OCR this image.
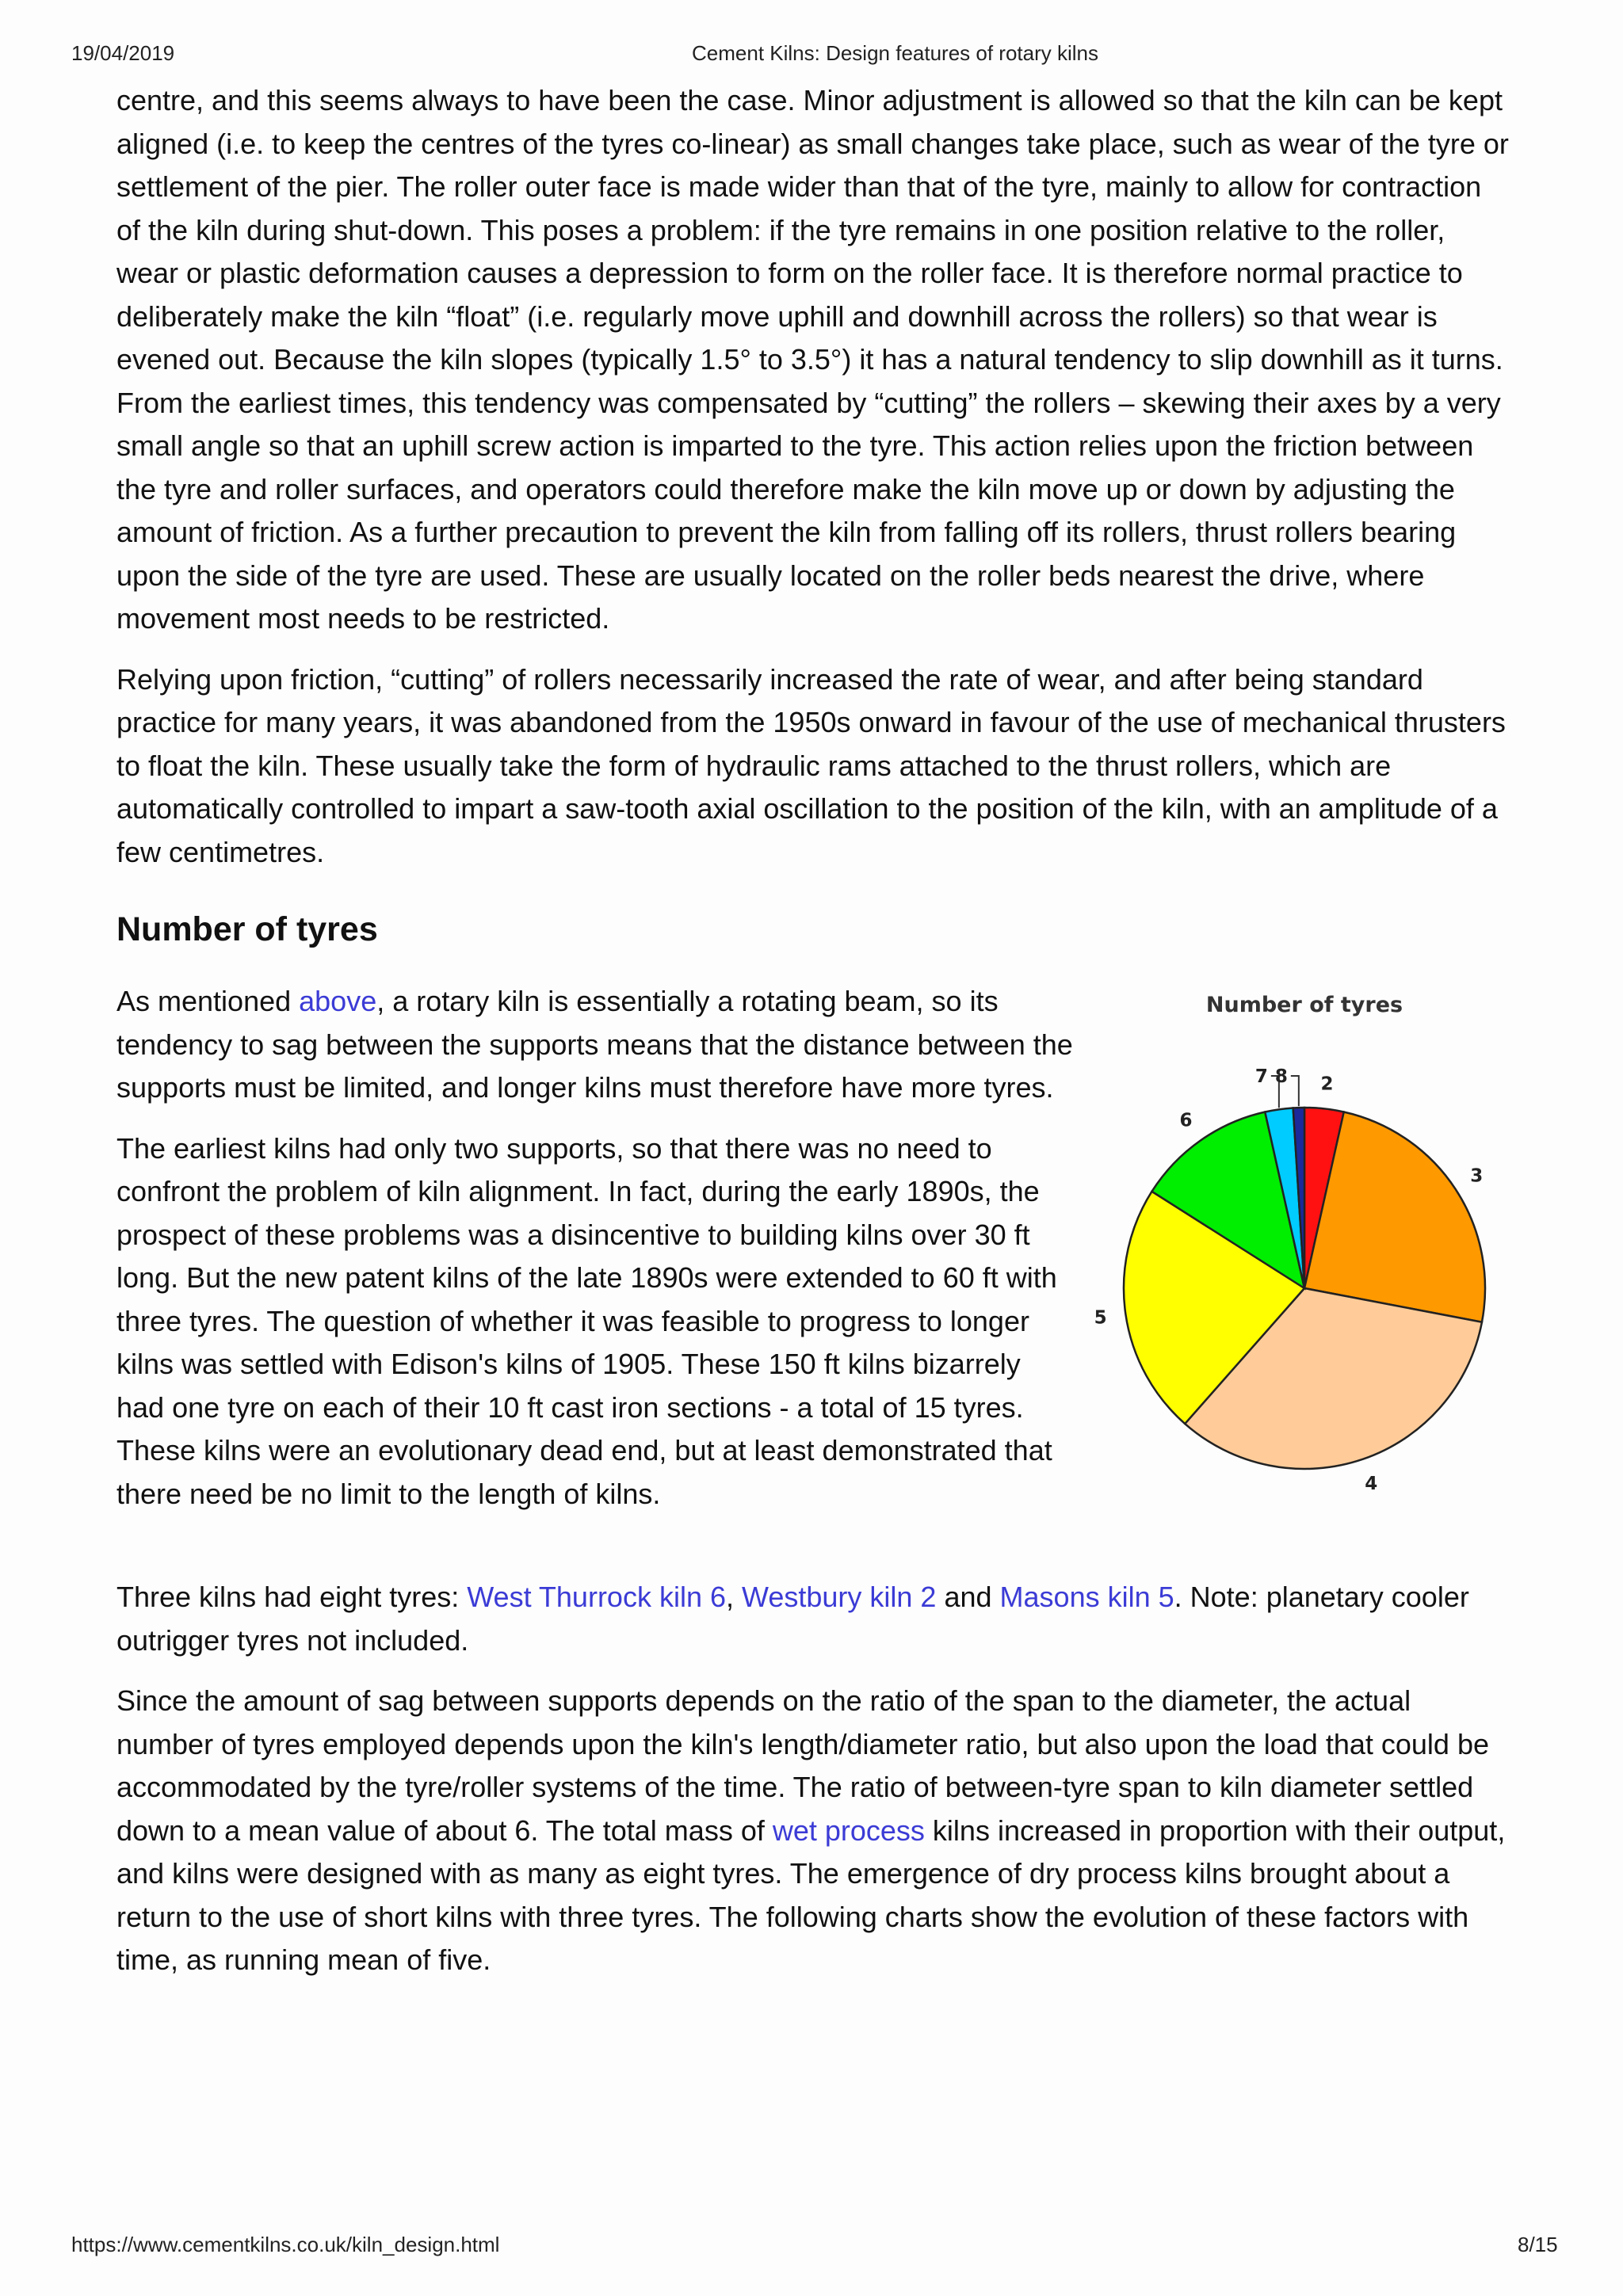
19/04/2019	Cement Kilns: Design features of rotary kilns

centre, and this seems always to have been the case. Minor adjustment is allowed so that the kiln can be kept aligned (i.e. to keep the centres of the tyres co-linear) as small changes take place, such as wear of the tyre or settlement of the pier. The roller outer face is made wider than that of the tyre, mainly to allow for contraction of the kiln during shut-down. This poses a problem: if the tyre remains in one position relative to the roller, wear or plastic deformation causes a depression to form on the roller face. It is therefore normal practice to deliberately make the kiln “float” (i.e. regularly move uphill and downhill across the rollers) so that wear is evened out. Because the kiln slopes (typically 1.5° to 3.5°) it has a natural tendency to slip downhill as it turns. From the earliest times, this tendency was compensated by “cutting” the rollers – skewing their axes by a very small angle so that an uphill screw action is imparted to the tyre. This action relies upon the friction between the tyre and roller surfaces, and operators could therefore make the kiln move up or down by adjusting the amount of friction. As a further precaution to prevent the kiln from falling off its rollers, thrust rollers bearing upon the side of the tyre are used. These are usually located on the roller beds nearest the drive, where movement most needs to be restricted.

Relying upon friction, “cutting” of rollers necessarily increased the rate of wear, and after being standard practice for many years, it was abandoned from the 1950s onward in favour of the use of mechanical thrusters to float the kiln. These usually take the form of hydraulic rams attached to the thrust rollers, which are automatically controlled to impart a saw-tooth axial oscillation to the position of the kiln, with an amplitude of a few centimetres.

Number of tyres

As mentioned above, a rotary kiln is essentially a rotating beam, so its tendency to sag between the supports means that the distance between the supports must be limited, and longer kilns must therefore have more tyres.

The earliest kilns had only two supports, so that there was no need to confront the problem of kiln alignment. In fact, during the early 1890s, the prospect of these problems was a disincentive to building kilns over 30 ft long. But the new patent kilns of the late 1890s were extended to 60 ft with three tyres. The question of whether it was feasible to progress to longer kilns was settled with Edison's kilns of 1905. These 150 ft kilns bizarrely had one tyre on each of their 10 ft cast iron sections - a total of 15 tyres. These kilns were an evolutionary dead end, but at least demonstrated that there need be no limit to the length of kilns.

Number of tyres
2
3
4
5
6
7 8

Three kilns had eight tyres: West Thurrock kiln 6, Westbury kiln 2 and Masons kiln 5. Note: planetary cooler outrigger tyres not included.

Since the amount of sag between supports depends on the ratio of the span to the diameter, the actual number of tyres employed depends upon the kiln's length/diameter ratio, but also upon the load that could be accommodated by the tyre/roller systems of the time. The ratio of between-tyre span to kiln diameter settled down to a mean value of about 6. The total mass of wet process kilns increased in proportion with their output, and kilns were designed with as many as eight tyres. The emergence of dry process kilns brought about a return to the use of short kilns with three tyres. The following charts show the evolution of these factors with time, as running mean of five.

https://www.cementkilns.co.uk/kiln_design.html	8/15
